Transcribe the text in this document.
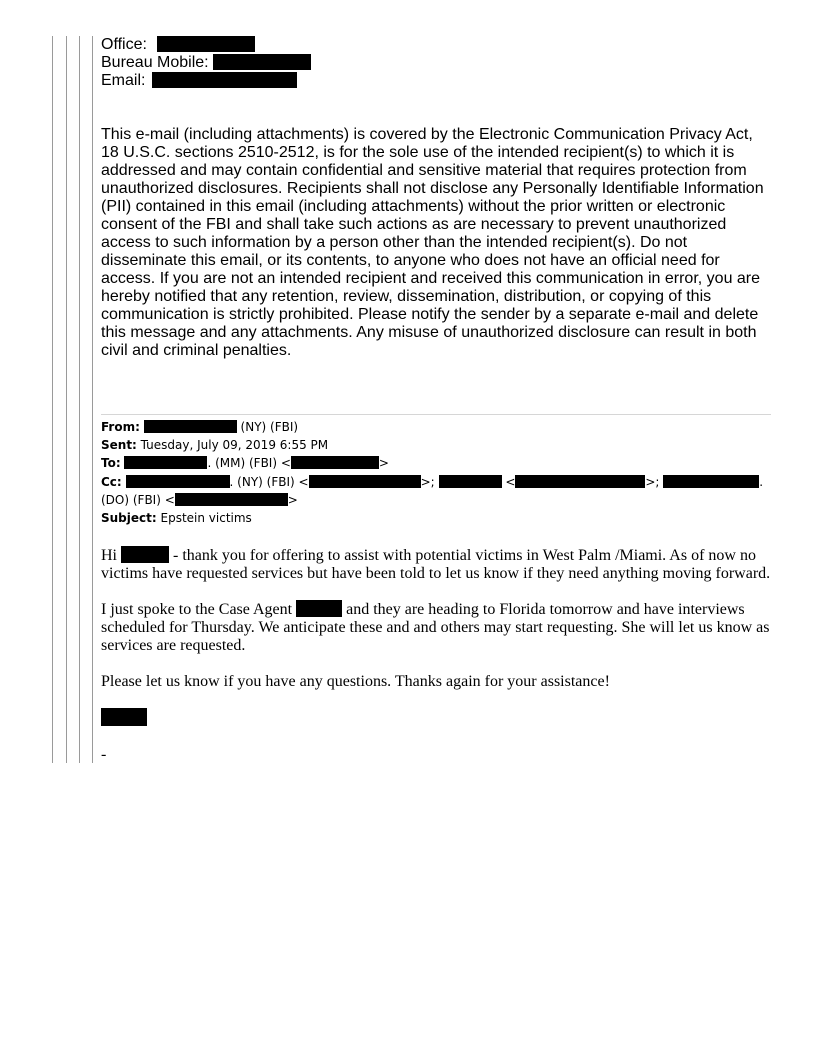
Office:
Bureau Mobile:
Email:

This e-mail (including attachments) is covered by the Electronic Communication Privacy Act, 18 U.S.C. sections 2510-2512, is for the sole use of the intended recipient(s) to which it is addressed and may contain confidential and sensitive material that requires protection from unauthorized disclosures. Recipients shall not disclose any Personally Identifiable Information (PII) contained in this email (including attachments) without the prior written or electronic consent of the FBI and shall take such actions as are necessary to prevent unauthorized access to such information by a person other than the intended recipient(s). Do not disseminate this email, or its contents, to anyone who does not have an official need for access. If you are not an intended recipient and received this communication in error, you are hereby notified that any retention, review, dissemination, distribution, or copying of this communication is strictly prohibited. Please notify the sender by a separate e-mail and delete this message and any attachments. Any misuse of unauthorized disclosure can result in both civil and criminal penalties.

From:	(NY) (FBI)
Sent: Tuesday, July 09, 2019 6:55 PM
To:	. (MM) (FBI) <	>
Cc:	. (NY) (FBI) <	>;	<	>;	.
(DO) (FBI) <	>
Subject: Epstein victims

Hi	- thank you for offering to assist with potential victims in West Palm /Miami. As of now no victims have requested services but have been told to let us know if they need anything moving forward.

I just spoke to the Case Agent	and they are heading to Florida tomorrow and have interviews scheduled for Thursday. We anticipate these and and others may start requesting. She will let us know as services are requested.

Please let us know if you have any questions. Thanks again for your assistance!

-
